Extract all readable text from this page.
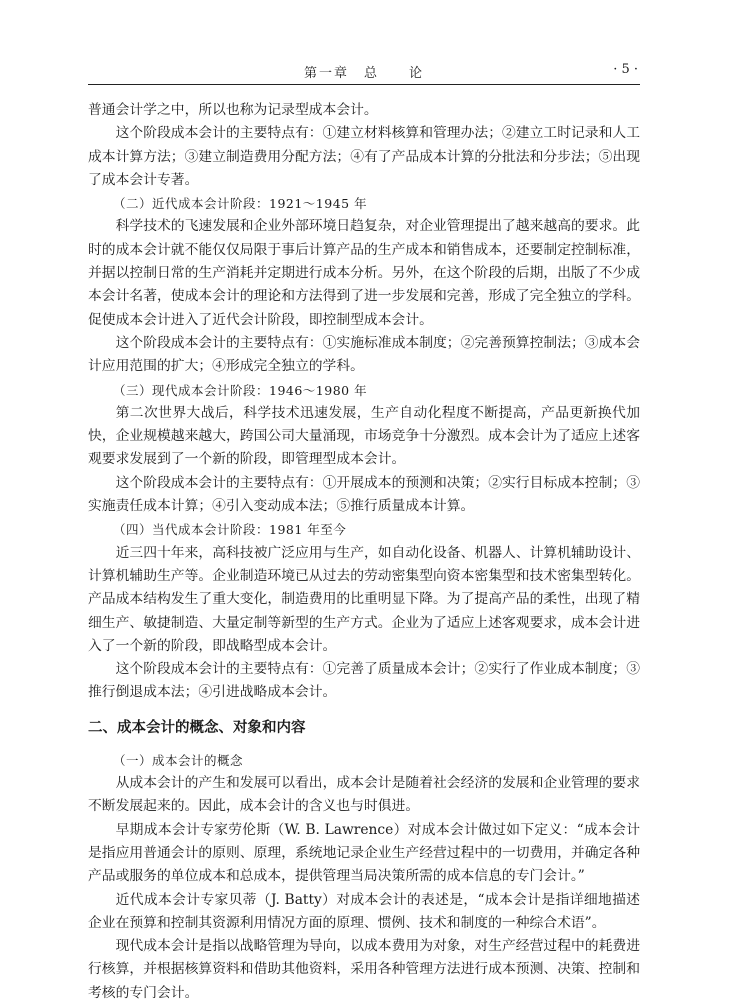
第一章　总　　论	· 5 ·

普通会计学之中，所以也称为记录型成本会计。

这个阶段成本会计的主要特点有：①建立材料核算和管理办法；②建立工时记录和人工成本计算方法；③建立制造费用分配方法；④有了产品成本计算的分批法和分步法；⑤出现了成本会计专著。

（二）近代成本会计阶段：1921～1945 年

科学技术的飞速发展和企业外部环境日趋复杂，对企业管理提出了越来越高的要求。此时的成本会计就不能仅仅局限于事后计算产品的生产成本和销售成本，还要制定控制标准，并据以控制日常的生产消耗并定期进行成本分析。另外，在这个阶段的后期，出版了不少成本会计名著，使成本会计的理论和方法得到了进一步发展和完善，形成了完全独立的学科。促使成本会计进入了近代会计阶段，即控制型成本会计。

这个阶段成本会计的主要特点有：①实施标准成本制度；②完善预算控制法；③成本会计应用范围的扩大；④形成完全独立的学科。

（三）现代成本会计阶段：1946～1980 年

第二次世界大战后，科学技术迅速发展，生产自动化程度不断提高，产品更新换代加快，企业规模越来越大，跨国公司大量涌现，市场竞争十分激烈。成本会计为了适应上述客观要求发展到了一个新的阶段，即管理型成本会计。

这个阶段成本会计的主要特点有：①开展成本的预测和决策；②实行目标成本控制；③实施责任成本计算；④引入变动成本法；⑤推行质量成本计算。

（四）当代成本会计阶段：1981 年至今

近三四十年来，高科技被广泛应用与生产，如自动化设备、机器人、计算机辅助设计、计算机辅助生产等。企业制造环境已从过去的劳动密集型向资本密集型和技术密集型转化。产品成本结构发生了重大变化，制造费用的比重明显下降。为了提高产品的柔性，出现了精细生产、敏捷制造、大量定制等新型的生产方式。企业为了适应上述客观要求，成本会计进入了一个新的阶段，即战略型成本会计。

这个阶段成本会计的主要特点有：①完善了质量成本会计；②实行了作业成本制度；③推行倒退成本法；④引进战略成本会计。

二、成本会计的概念、对象和内容

（一）成本会计的概念

从成本会计的产生和发展可以看出，成本会计是随着社会经济的发展和企业管理的要求不断发展起来的。因此，成本会计的含义也与时俱进。

早期成本会计专家劳伦斯（W. B. Lawrence）对成本会计做过如下定义：“成本会计是指应用普通会计的原则、原理，系统地记录企业生产经营过程中的一切费用，并确定各种产品或服务的单位成本和总成本，提供管理当局决策所需的成本信息的专门会计。”

近代成本会计专家贝蒂（J. Batty）对成本会计的表述是，“成本会计是指详细地描述企业在预算和控制其资源利用情况方面的原理、惯例、技术和制度的一种综合术语”。

现代成本会计是指以战略管理为导向，以成本费用为对象，对生产经营过程中的耗费进行核算，并根据核算资料和借助其他资料，采用各种管理方法进行成本预测、决策、控制和考核的专门会计。
